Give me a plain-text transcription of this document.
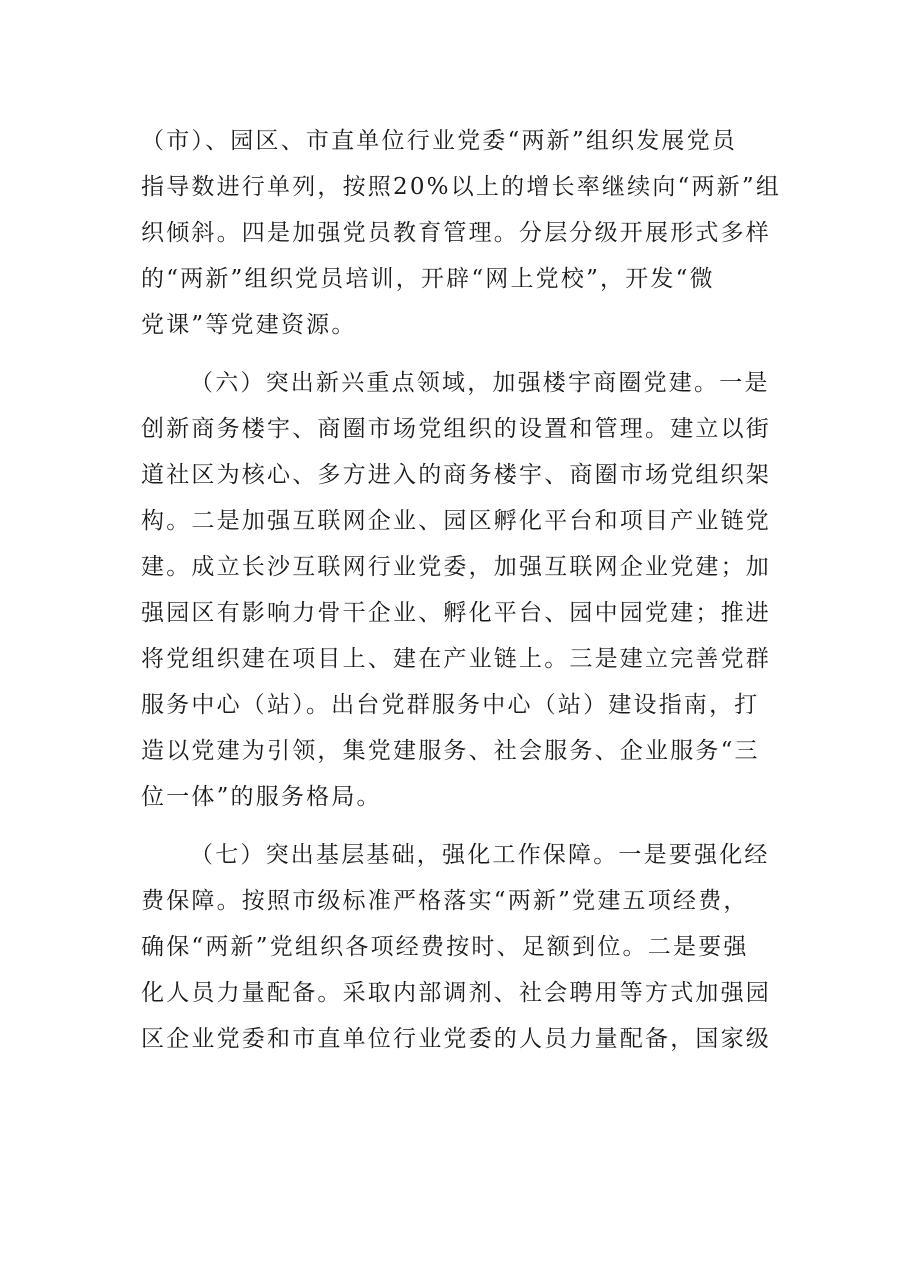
（市）、园区、市直单位行业党委“两新”组织发展党员
指导数进行单列，按照20%以上的增长率继续向“两新”组
织倾斜。四是加强党员教育管理。分层分级开展形式多样
的“两新”组织党员培训，开辟“网上党校”，开发“微
党课”等党建资源。
（六）突出新兴重点领域，加强楼宇商圈党建。一是
创新商务楼宇、商圈市场党组织的设置和管理。建立以街
道社区为核心、多方进入的商务楼宇、商圈市场党组织架
构。二是加强互联网企业、园区孵化平台和项目产业链党
建。成立长沙互联网行业党委，加强互联网企业党建；加
强园区有影响力骨干企业、孵化平台、园中园党建；推进
将党组织建在项目上、建在产业链上。三是建立完善党群
服务中心（站）。出台党群服务中心（站）建设指南，打
造以党建为引领，集党建服务、社会服务、企业服务“三
位一体”的服务格局。
（七）突出基层基础，强化工作保障。一是要强化经
费保障。按照市级标准严格落实“两新”党建五项经费，
确保“两新”党组织各项经费按时、足额到位。二是要强
化人员力量配备。采取内部调剂、社会聘用等方式加强园
区企业党委和市直单位行业党委的人员力量配备，国家级
